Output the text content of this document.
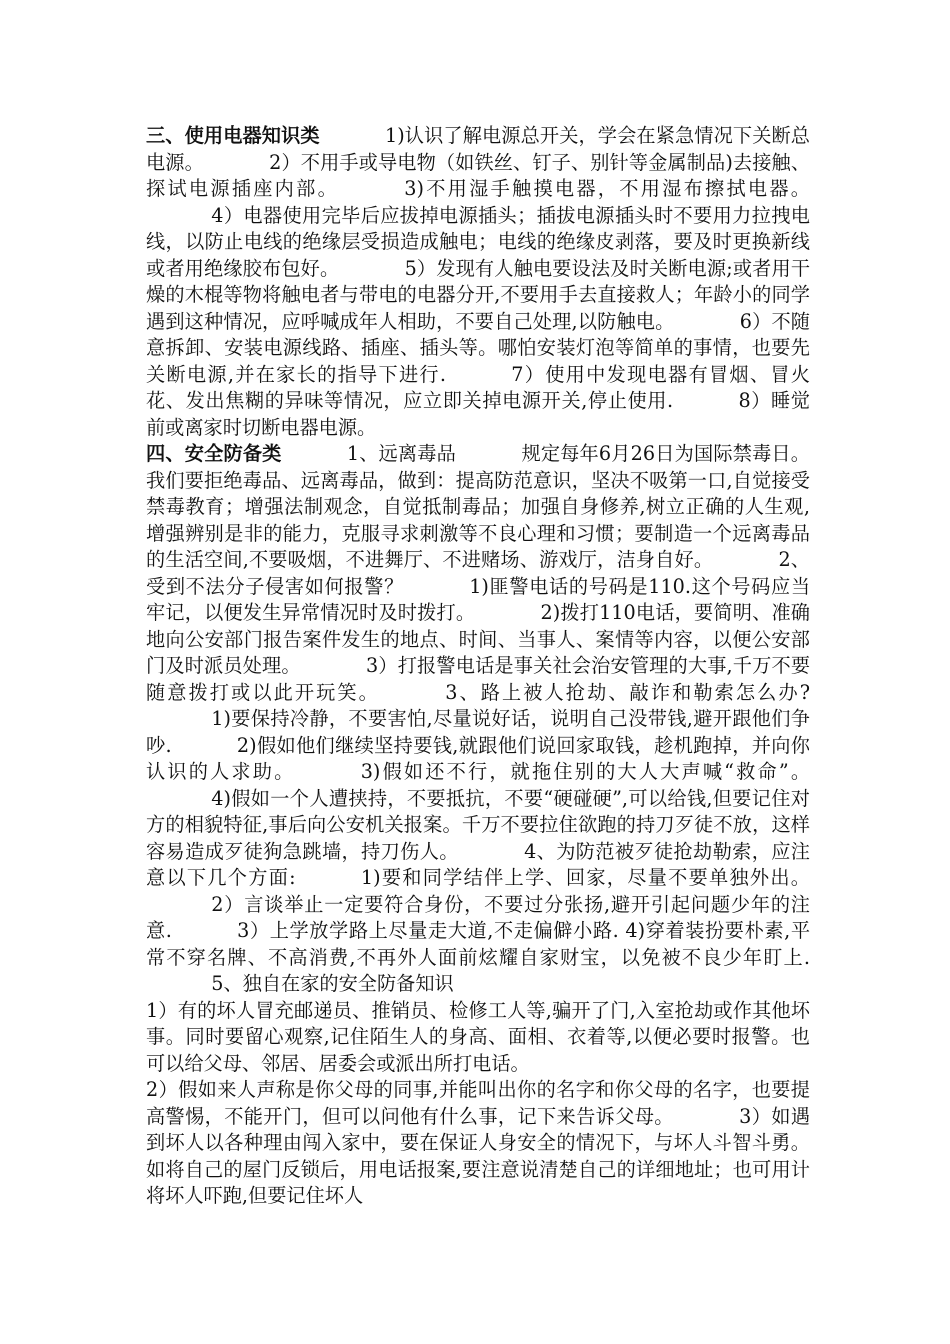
三、使用电器知识类	1)认识了解电源总开关，学会在紧急情况下关断总电源。	2）不用手或导电物（如铁丝、钉子、别针等金属制品)去接触、探试电源插座内部。	3)不用湿手触摸电器，不用湿布擦拭电器。4）电器使用完毕后应拔掉电源插头；插拔电源插头时不要用力拉拽电线，以防止电线的绝缘层受损造成触电；电线的绝缘皮剥落，要及时更换新线或者用绝缘胶布包好。	5）发现有人触电要设法及时关断电源;或者用干燥的木棍等物将触电者与带电的电器分开,不要用手去直接救人；年龄小的同学遇到这种情况，应呼喊成年人相助，不要自己处理,以防触电。	6）不随意拆卸、安装电源线路、插座、插头等。哪怕安装灯泡等简单的事情，也要先关断电源,并在家长的指导下进行.	7）使用中发现电器有冒烟、冒火花、发出焦糊的异味等情况，应立即关掉电源开关,停止使用.	8）睡觉前或离家时切断电器电源。

四、安全防备类	1、远离毒品	规定每年6月26日为国际禁毒日。我们要拒绝毒品、远离毒品，做到：提高防范意识，坚决不吸第一口,自觉接受禁毒教育；增强法制观念，自觉抵制毒品；加强自身修养,树立正确的人生观,增强辨别是非的能力，克服寻求刺激等不良心理和习惯；要制造一个远离毒品的生活空间,不要吸烟，不进舞厅、不进赌场、游戏厅，洁身自好。	2、受到不法分子侵害如何报警？	1)匪警电话的号码是110.这个号码应当牢记，以便发生异常情况时及时拨打。	2)拨打110电话，要简明、准确地向公安部门报告案件发生的地点、时间、当事人、案情等内容，以便公安部门及时派员处理。	3）打报警电话是事关社会治安管理的大事,千万不要随意拨打或以此开玩笑。	3、路上被人抢劫、敲诈和勒索怎么办?1)要保持冷静，不要害怕,尽量说好话，说明自己没带钱,避开跟他们争吵.	2)假如他们继续坚持要钱,就跟他们说回家取钱，趁机跑掉，并向你认识的人求助。	3)假如还不行，就拖住别的大人大声喊“救命”。4)假如一个人遭挟持，不要抵抗，不要“硬碰硬”,可以给钱,但要记住对方的相貌特征,事后向公安机关报案。千万不要拉住欲跑的持刀歹徒不放，这样容易造成歹徒狗急跳墙，持刀伤人。	4、为防范被歹徒抢劫勒索，应注意以下几个方面:	1)要和同学结伴上学、回家，尽量不要单独外出。2）言谈举止一定要符合身份，不要过分张扬,避开引起问题少年的注意.	3）上学放学路上尽量走大道,不走偏僻小路. 4)穿着装扮要朴素,平常不穿名牌、不高消费,不再外人面前炫耀自家财宝，以免被不良少年盯上.5、独自在家的安全防备知识
1）有的坏人冒充邮递员、推销员、检修工人等,骗开了门,入室抢劫或作其他坏事。同时要留心观察,记住陌生人的身高、面相、衣着等,以便必要时报警。也可以给父母、邻居、居委会或派出所打电话。
2）假如来人声称是你父母的同事,并能叫出你的名字和你父母的名字，也要提高警惕，不能开门，但可以问他有什么事，记下来告诉父母。	3）如遇到坏人以各种理由闯入家中，要在保证人身安全的情况下，与坏人斗智斗勇。如将自己的屋门反锁后，用电话报案,要注意说清楚自己的详细地址；也可用计将坏人吓跑,但要记住坏人
